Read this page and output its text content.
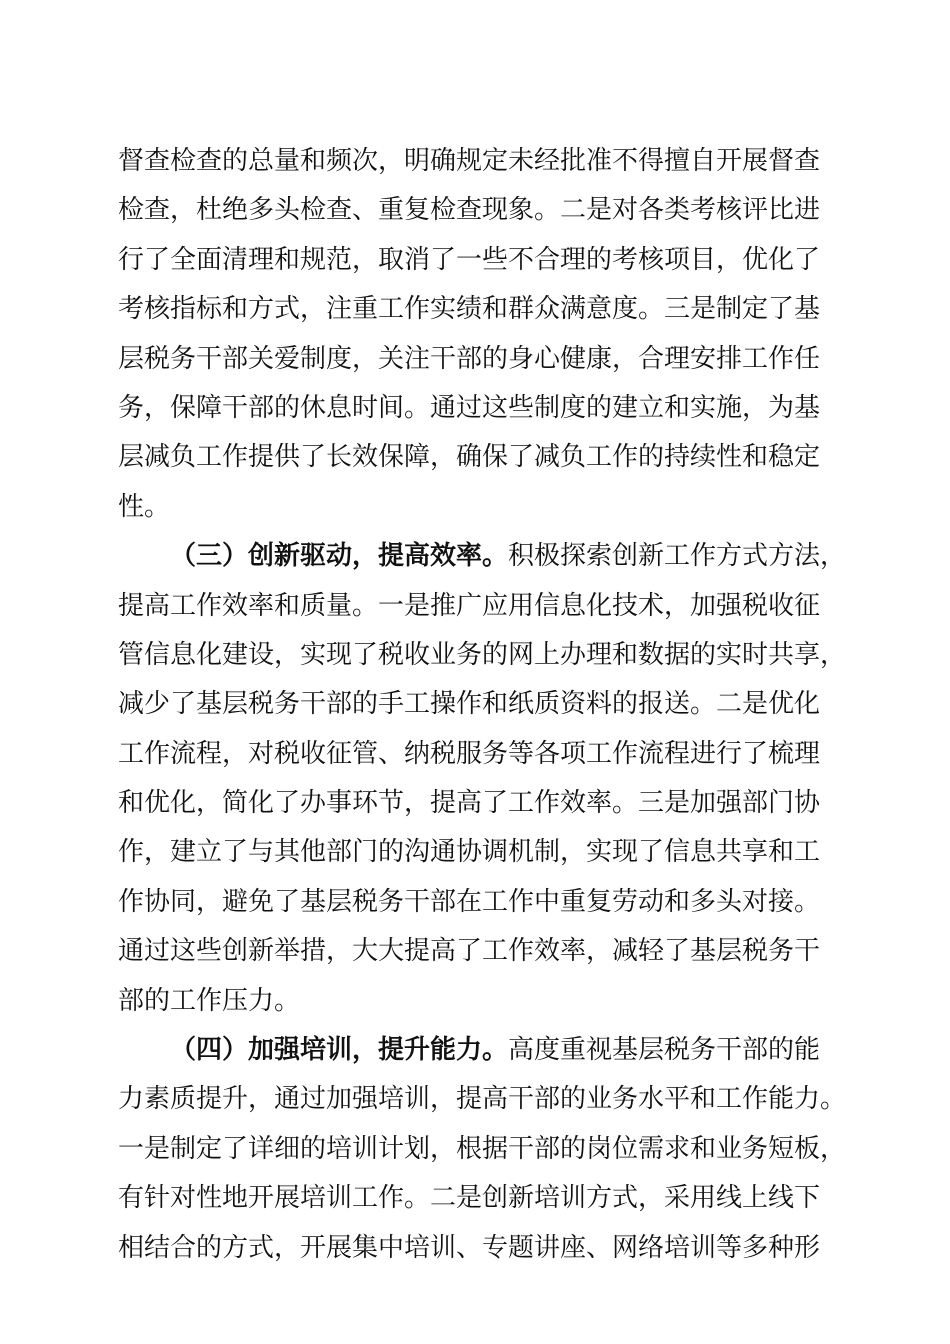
督查检查的总量和频次，明确规定未经批准不得擅自开展督查
检查，杜绝多头检查、重复检查现象。二是对各类考核评比进
行了全面清理和规范，取消了一些不合理的考核项目，优化了
考核指标和方式，注重工作实绩和群众满意度。三是制定了基
层税务干部关爱制度，关注干部的身心健康，合理安排工作任
务，保障干部的休息时间。通过这些制度的建立和实施，为基
层减负工作提供了长效保障，确保了减负工作的持续性和稳定
性。
（三）创新驱动，提高效率。积极探索创新工作方式方法，
提高工作效率和质量。一是推广应用信息化技术，加强税收征
管信息化建设，实现了税收业务的网上办理和数据的实时共享，
减少了基层税务干部的手工操作和纸质资料的报送。二是优化
工作流程，对税收征管、纳税服务等各项工作流程进行了梳理
和优化，简化了办事环节，提高了工作效率。三是加强部门协
作，建立了与其他部门的沟通协调机制，实现了信息共享和工
作协同，避免了基层税务干部在工作中重复劳动和多头对接。
通过这些创新举措，大大提高了工作效率，减轻了基层税务干
部的工作压力。
（四）加强培训，提升能力。高度重视基层税务干部的能
力素质提升，通过加强培训，提高干部的业务水平和工作能力。
一是制定了详细的培训计划，根据干部的岗位需求和业务短板，
有针对性地开展培训工作。二是创新培训方式，采用线上线下
相结合的方式，开展集中培训、专题讲座、网络培训等多种形
